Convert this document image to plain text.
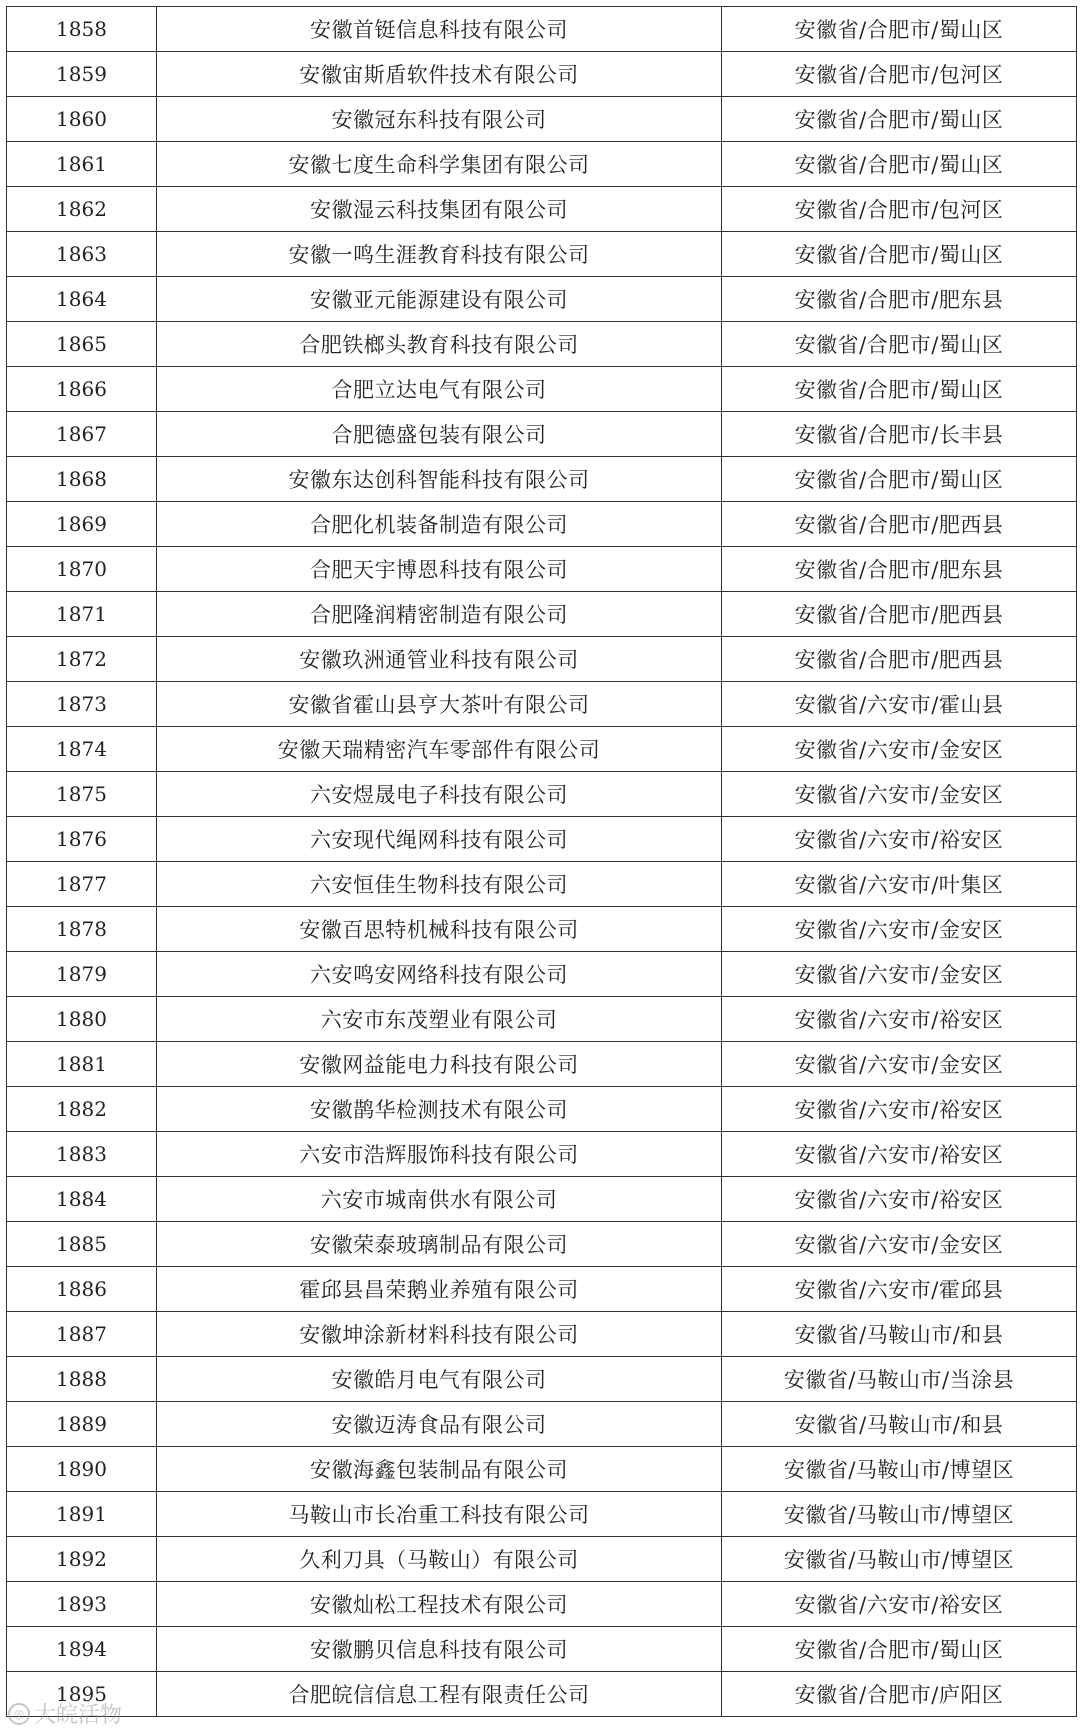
1858	安徽首铤信息科技有限公司	安徽省/合肥市/蜀山区
1859	安徽宙斯盾软件技术有限公司	安徽省/合肥市/包河区
1860	安徽冠东科技有限公司	安徽省/合肥市/蜀山区
1861	安徽七度生命科学集团有限公司	安徽省/合肥市/蜀山区
1862	安徽湿云科技集团有限公司	安徽省/合肥市/包河区
1863	安徽一鸣生涯教育科技有限公司	安徽省/合肥市/蜀山区
1864	安徽亚元能源建设有限公司	安徽省/合肥市/肥东县
1865	合肥铁榔头教育科技有限公司	安徽省/合肥市/蜀山区
1866	合肥立达电气有限公司	安徽省/合肥市/蜀山区
1867	合肥德盛包装有限公司	安徽省/合肥市/长丰县
1868	安徽东达创科智能科技有限公司	安徽省/合肥市/蜀山区
1869	合肥化机装备制造有限公司	安徽省/合肥市/肥西县
1870	合肥天宇博恩科技有限公司	安徽省/合肥市/肥东县
1871	合肥隆润精密制造有限公司	安徽省/合肥市/肥西县
1872	安徽玖洲通管业科技有限公司	安徽省/合肥市/肥西县
1873	安徽省霍山县亨大茶叶有限公司	安徽省/六安市/霍山县
1874	安徽天瑞精密汽车零部件有限公司	安徽省/六安市/金安区
1875	六安煜晟电子科技有限公司	安徽省/六安市/金安区
1876	六安现代绳网科技有限公司	安徽省/六安市/裕安区
1877	六安恒佳生物科技有限公司	安徽省/六安市/叶集区
1878	安徽百思特机械科技有限公司	安徽省/六安市/金安区
1879	六安鸣安网络科技有限公司	安徽省/六安市/金安区
1880	六安市东茂塑业有限公司	安徽省/六安市/裕安区
1881	安徽网益能电力科技有限公司	安徽省/六安市/金安区
1882	安徽鹊华检测技术有限公司	安徽省/六安市/裕安区
1883	六安市浩辉服饰科技有限公司	安徽省/六安市/裕安区
1884	六安市城南供水有限公司	安徽省/六安市/裕安区
1885	安徽荣泰玻璃制品有限公司	安徽省/六安市/金安区
1886	霍邱县昌荣鹅业养殖有限公司	安徽省/六安市/霍邱县
1887	安徽坤涂新材料科技有限公司	安徽省/马鞍山市/和县
1888	安徽皓月电气有限公司	安徽省/马鞍山市/当涂县
1889	安徽迈涛食品有限公司	安徽省/马鞍山市/和县
1890	安徽海鑫包装制品有限公司	安徽省/马鞍山市/博望区
1891	马鞍山市长冶重工科技有限公司	安徽省/马鞍山市/博望区
1892	久利刀具（马鞍山）有限公司	安徽省/马鞍山市/博望区
1893	安徽灿松工程技术有限公司	安徽省/六安市/裕安区
1894	安徽鹏贝信息科技有限公司	安徽省/合肥市/蜀山区
1895	合肥皖信信息工程有限责任公司	安徽省/合肥市/庐阳区
◎ 大皖活物
